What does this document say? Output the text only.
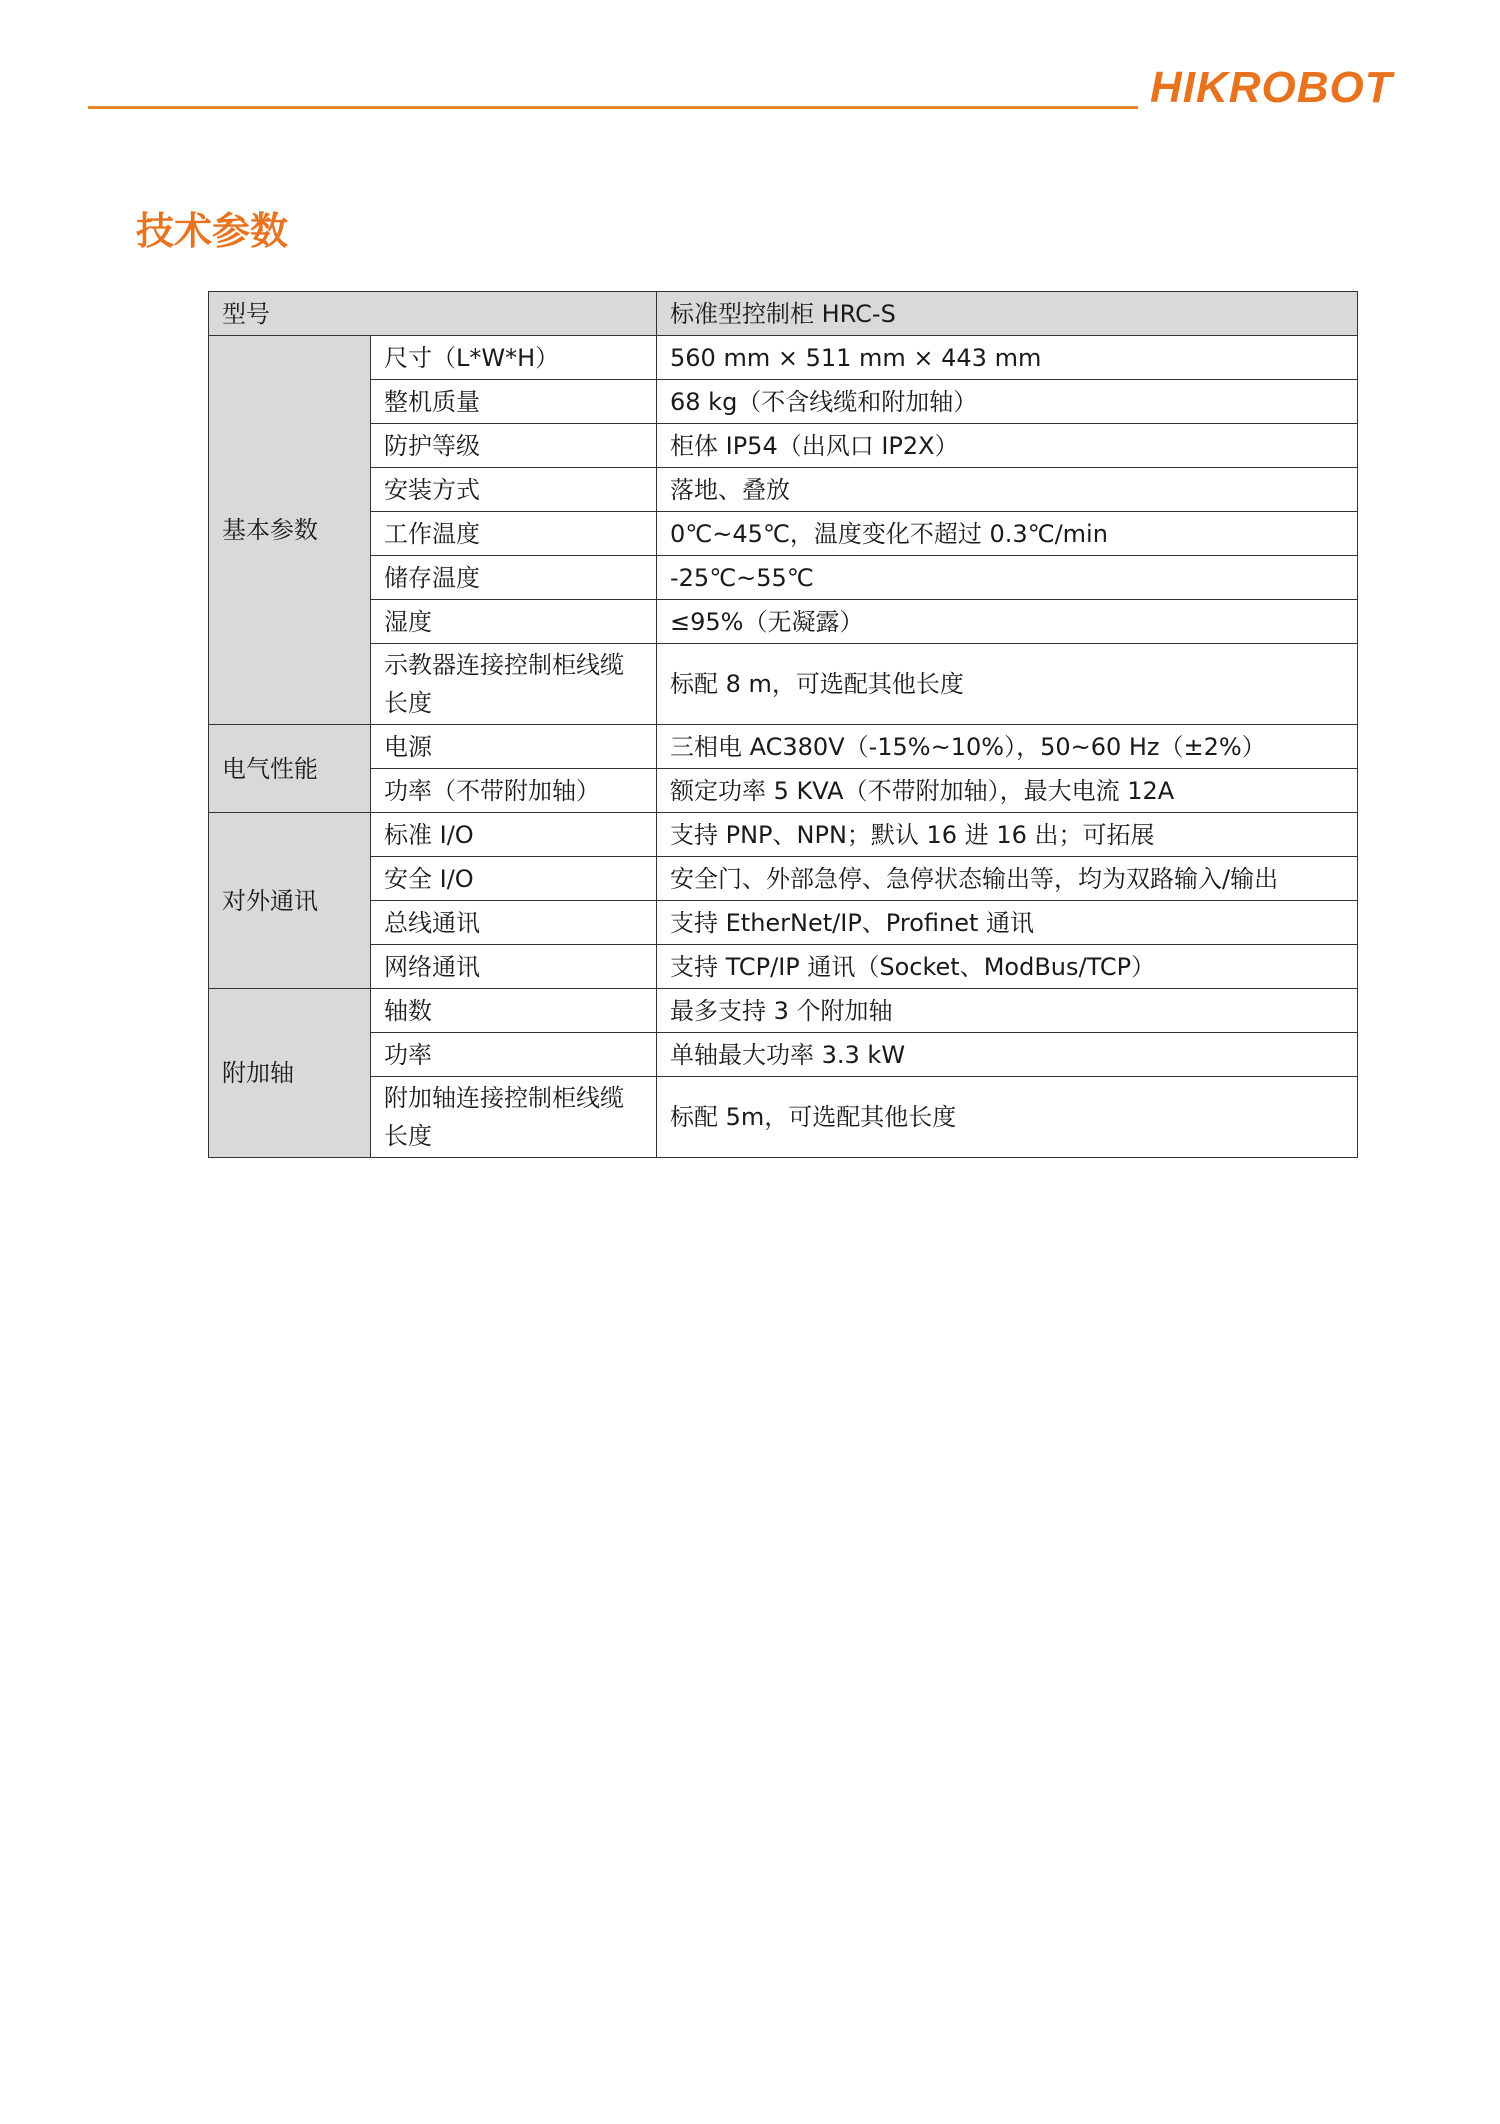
HIKROBOT
技术参数
型号		标准型控制柜 HRC-S
基本参数	尺寸（L*W*H）	560 mm × 511 mm × 443 mm
	整机质量	68 kg（不含线缆和附加轴）
	防护等级	柜体 IP54（出风口 IP2X）
	安装方式	落地、叠放
	工作温度	0℃~45℃，温度变化不超过 0.3℃/min
	储存温度	-25℃~55℃
	湿度	≤95%（无凝露）
	示教器连接控制柜线缆长度	标配 8 m，可选配其他长度
电气性能	电源	三相电 AC380V（-15%~10%），50~60 Hz（±2%）
	功率（不带附加轴）	额定功率 5 KVA（不带附加轴），最大电流 12A
对外通讯	标准 I/O	支持 PNP、NPN；默认 16 进 16 出；可拓展
	安全 I/O	安全门、外部急停、急停状态输出等，均为双路输入/输出
	总线通讯	支持 EtherNet/IP、Profinet 通讯
	网络通讯	支持 TCP/IP 通讯（Socket、ModBus/TCP）
附加轴	轴数	最多支持 3 个附加轴
	功率	单轴最大功率 3.3 kW
	附加轴连接控制柜线缆长度	标配 5m，可选配其他长度
